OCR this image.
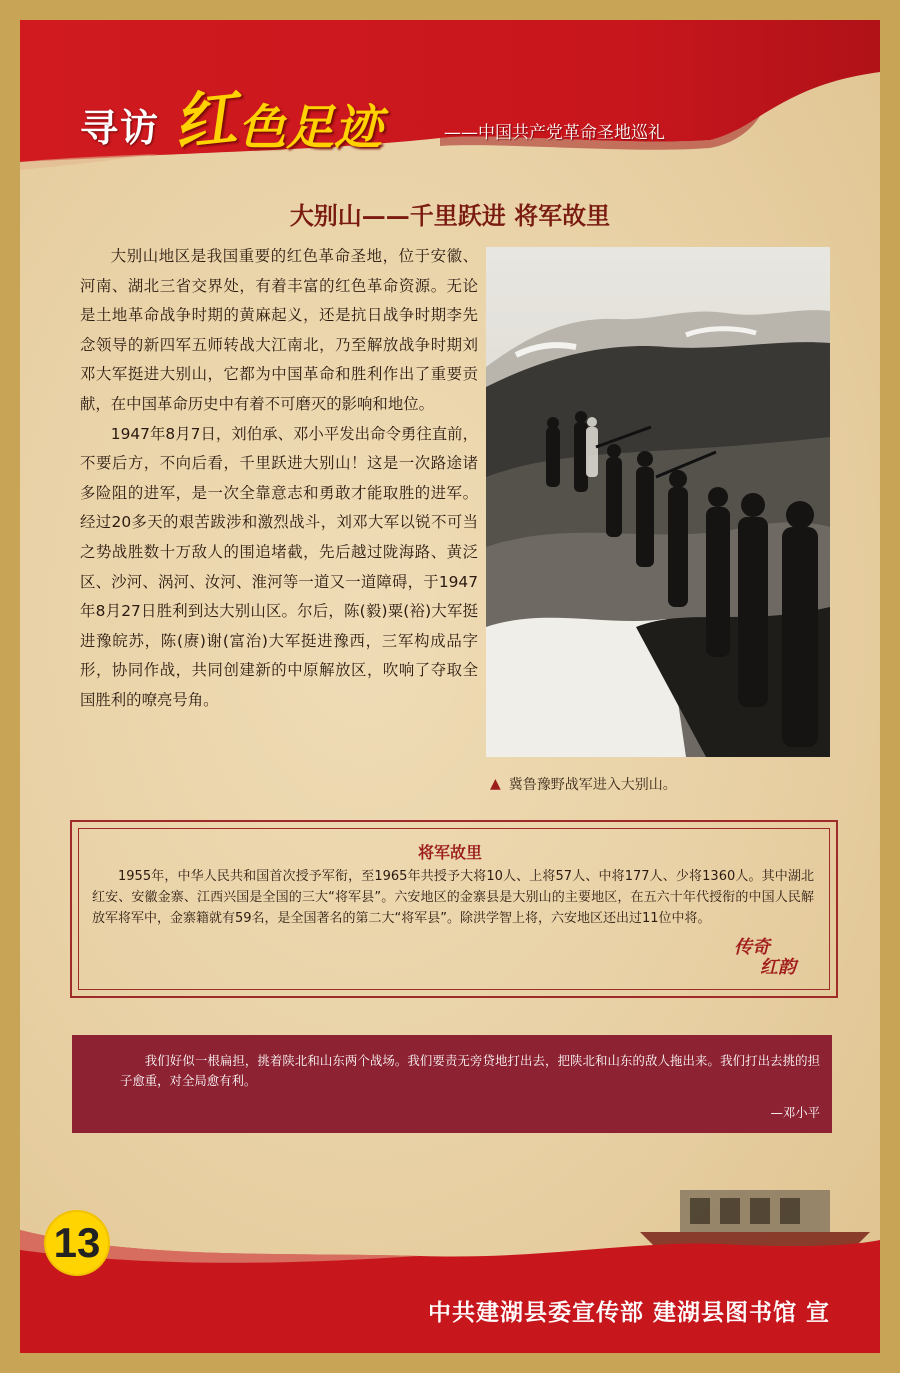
寻访 红
色足迹	——中国共产党革命圣地巡礼
大别山——千里跃进 将军故里

大别山地区是我国重要的红色革命圣地，位于安徽、河南、湖北三省交界处，有着丰富的红色革命资源。无论是土地革命战争时期的黄麻起义，还是抗日战争时期李先念领导的新四军五师转战大江南北，乃至解放战争时期刘邓大军挺进大别山，它都为中国革命和胜利作出了重要贡献，在中国革命历史中有着不可磨灭的影响和地位。

1947年8月7日，刘伯承、邓小平发出命令勇往直前，不要后方，不向后看，千里跃进大别山！这是一次路途诸多险阻的进军，是一次全靠意志和勇敢才能取胜的进军。经过20多天的艰苦跋涉和激烈战斗，刘邓大军以锐不可当之势战胜数十万敌人的围追堵截，先后越过陇海路、黄泛区、沙河、涡河、汝河、淮河等一道又一道障碍，于1947年8月27日胜利到达大别山区。尔后，陈(毅)粟(裕)大军挺进豫皖苏，陈(赓)谢(富治)大军挺进豫西，三军构成品字形，协同作战，共同创建新的中原解放区，吹响了夺取全国胜利的嘹亮号角。

▲ 冀鲁豫野战军进入大别山。
将军故里

1955年，中华人民共和国首次授予军衔，至1965年共授予大将10人、上将57人、中将177人、少将1360人。其中湖北红安、安徽金寨、江西兴国是全国的三大“将军县”。六安地区的金寨县是大别山的主要地区，在五六十年代授衔的中国人民解放军将军中，金寨籍就有59名，是全国著名的第二大“将军县”。除洪学智上将，六安地区还出过11位中将。

传奇
红韵
我们好似一根扁担，挑着陕北和山东两个战场。我们要责无旁贷地打出去，把陕北和山东的敌人拖出来。我们打出去挑的担子愈重，对全局愈有利。
—邓小平
13
中共建湖县委宣传部 建湖县图书馆 宣
